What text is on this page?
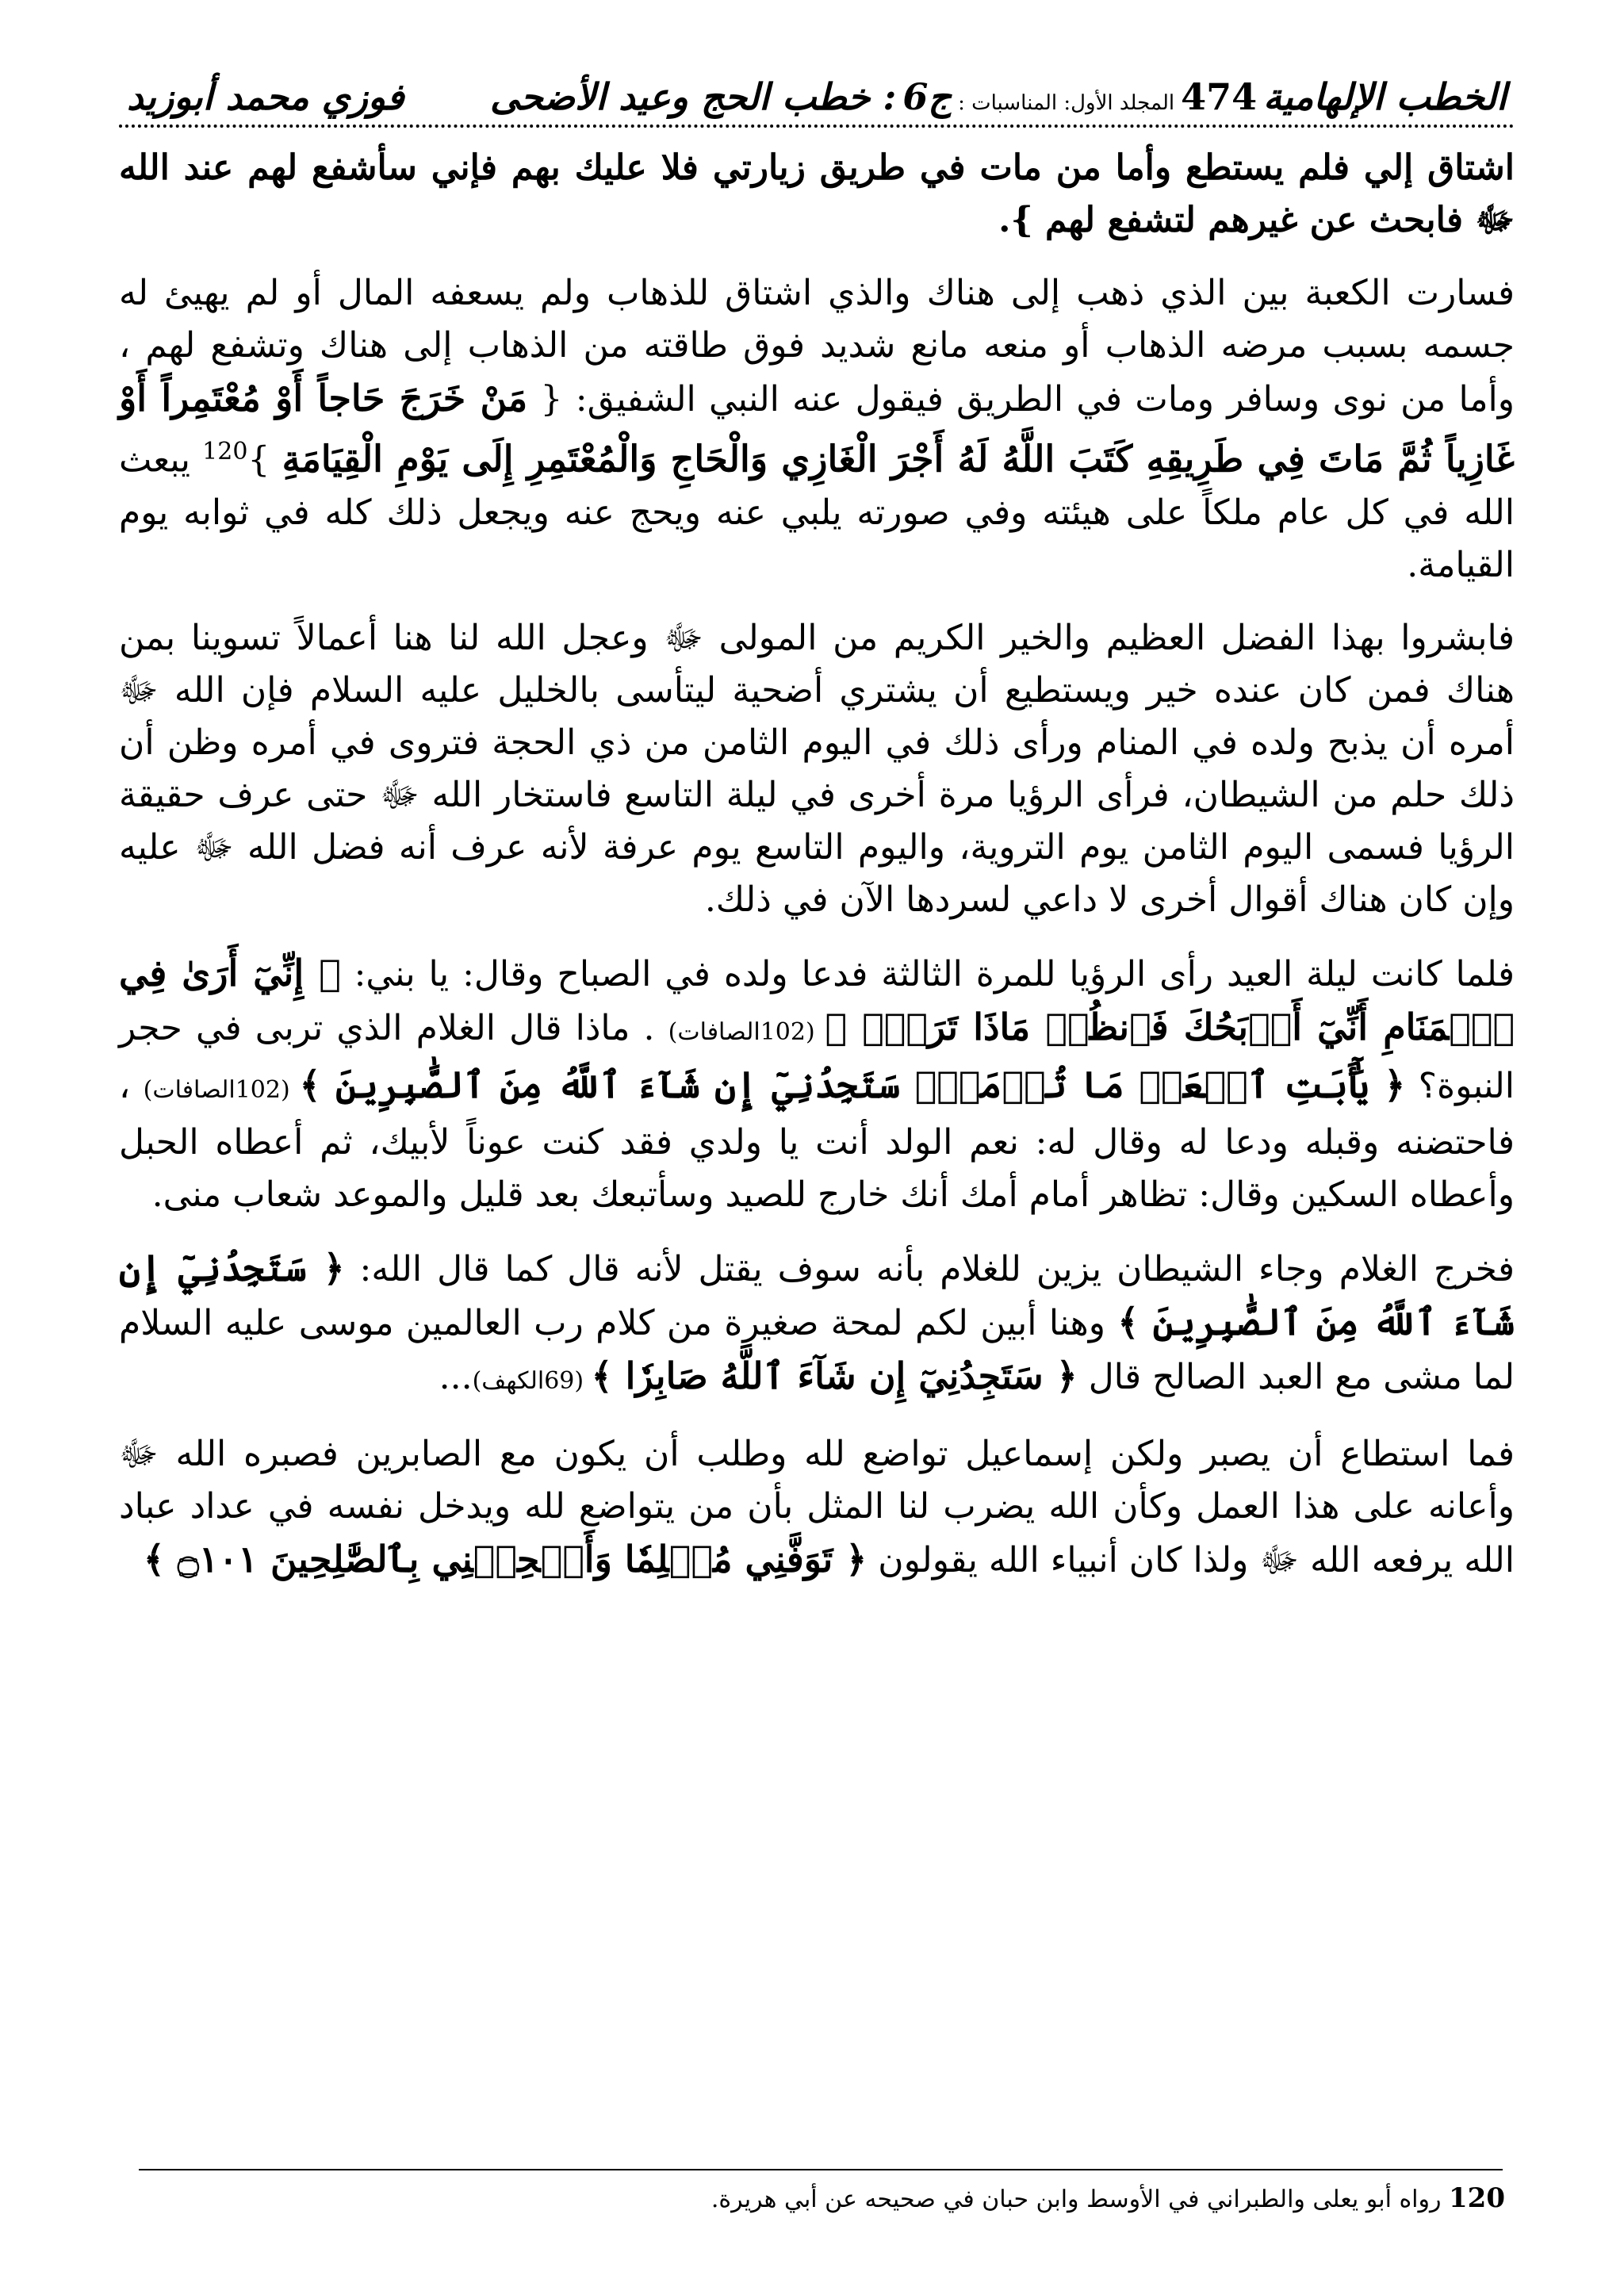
الخطب الإلهامية
474
المجلد الأول: المناسبات :
ج6
: خطب الحج وعيد الأضحى
فوزي محمد أبوزيد

اشتاق إلي فلم يستطع وأما من مات في طريق زيارتي فلا عليك بهم فإني سأشفع لهم عند الله ﷻ فابحث عن غيرهم لتشفع لهم }.

فسارت الكعبة بين الذي ذهب إلى هناك والذي اشتاق للذهاب ولم يسعفه المال أو لم يهيئ له جسمه بسبب مرضه الذهاب أو منعه مانع شديد فوق طاقته من الذهاب إلى هناك وتشفع لهم ، وأما من نوى وسافر ومات في الطريق فيقول عنه النبي الشفيق: { مَنْ خَرَجَ حَاجاً أَوْ مُعْتَمِراً أَوْ غَازِياً ثُمَّ مَاتَ فِي طَرِيقِهِ كَتَبَ اللَّهُ لَهُ أَجْرَ الْغَازِي وَالْحَاجِ وَالْمُعْتَمِرِ إِلَى يَوْمِ الْقِيَامَةِ }$^{120}$ يبعث الله في كل عام ملكاً على هيئته وفي صورته يلبي عنه ويحج عنه ويجعل ذلك كله في ثوابه يوم القيامة.

فابشروا بهذا الفضل العظيم والخير الكريم من المولى ﷻ وعجل الله لنا هنا أعمالاً تسوينا بمن هناك فمن كان عنده خير ويستطيع أن يشتري أضحية ليتأسى بالخليل عليه السلام فإن الله ﷻ أمره أن يذبح ولده في المنام ورأى ذلك في اليوم الثامن من ذي الحجة فتروى في أمره وظن أن ذلك حلم من الشيطان، فرأى الرؤيا مرة أخرى في ليلة التاسع فاستخار الله ﷻ حتى عرف حقيقة الرؤيا فسمى اليوم الثامن يوم التروية، واليوم التاسع يوم عرفة لأنه عرف أنه فضل الله ﷻ عليه وإن كان هناك أقوال أخرى لا داعي لسردها الآن في ذلك.

فلما كانت ليلة العيد رأى الرؤيا للمرة الثالثة فدعا ولده في الصباح وقال: يا بني: ﴿ إِنِّيٓ أَرَىٰ فِي ٱلۡمَنَامِ أَنِّيٓ أَذۡبَحُكَ فَٱنظُرۡ مَاذَا تَرَىٰۚ ﴾ (102الصافات) . ماذا قال الغلام الذي تربى في حجر النبوة؟ ﴿ يَٰٓأَبَتِ ٱفۡعَلۡ مَا تُؤۡمَرُۖ سَتَجِدُنِيٓ إِن شَآءَ ٱللَّهُ مِنَ ٱلصَّٰبِرِينَ ﴾ (102الصافات) ، فاحتضنه وقبله ودعا له وقال له: نعم الولد أنت يا ولدي فقد كنت عوناً لأبيك، ثم أعطاه الحبل وأعطاه السكين وقال: تظاهر أمام أمك أنك خارج للصيد وسأتبعك بعد قليل والموعد شعاب منى.

فخرج الغلام وجاء الشيطان يزين للغلام بأنه سوف يقتل لأنه قال كما قال الله: ﴿ سَتَجِدُنِيٓ إِن شَآءَ ٱللَّهُ مِنَ ٱلصَّٰبِرِينَ ﴾ وهنا أبين لكم لمحة صغيرة من كلام رب العالمين موسى عليه السلام لما مشى مع العبد الصالح قال ﴿ سَتَجِدُنِيٓ إِن شَآءَ ٱللَّهُ صَابِرٗا ﴾ (69الكهف)...

فما استطاع أن يصبر ولكن إسماعيل تواضع لله وطلب أن يكون مع الصابرين فصبره الله ﷻ وأعانه على هذا العمل وكأن الله يضرب لنا المثل بأن من يتواضع لله ويدخل نفسه في عداد عباد الله يرفعه الله ﷻ ولذا كان أنبياء الله يقولون ﴿ تَوَفَّنِي مُسۡلِمٗا وَأَلۡحِقۡنِي بِٱلصَّٰلِحِينَ ۝١٠١ ﴾

120 رواه أبو يعلى والطبراني في الأوسط وابن حبان في صحيحه عن أبي هريرة.
